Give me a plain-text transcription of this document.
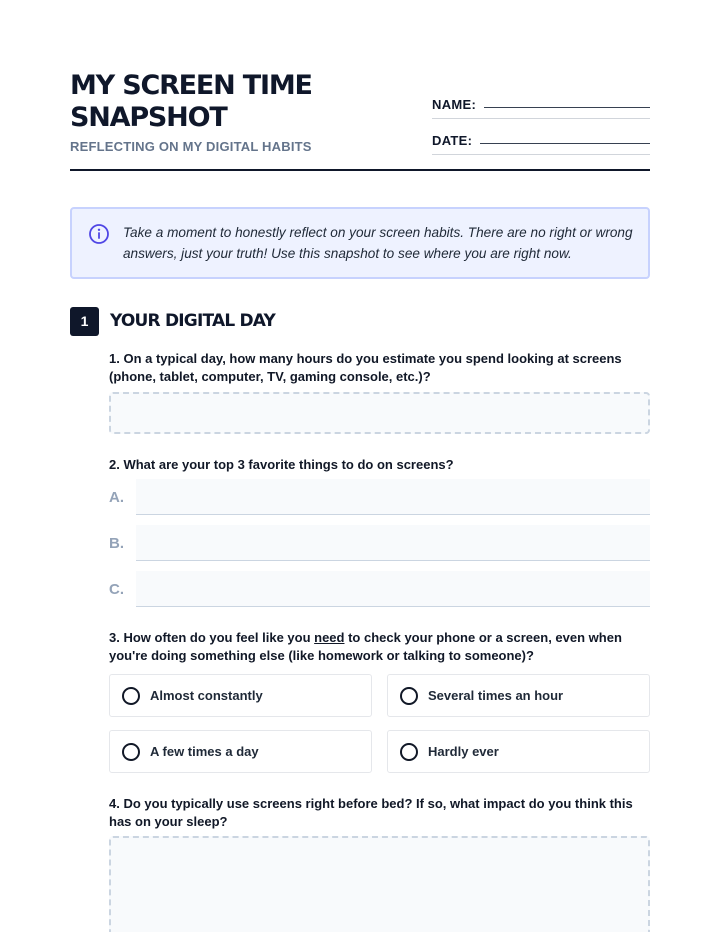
MY SCREEN TIME SNAPSHOT
REFLECTING ON MY DIGITAL HABITS
NAME:
DATE:
Take a moment to honestly reflect on your screen habits. There are no right or wrong answers, just your truth! Use this snapshot to see where you are right now.
1	YOUR DIGITAL DAY
1. On a typical day, how many hours do you estimate you spend looking at screens (phone, tablet, computer, TV, gaming console, etc.)?
2. What are your top 3 favorite things to do on screens?
A.
B.
C.
3. How often do you feel like you need to check your phone or a screen, even when you're doing something else (like homework or talking to someone)?
Almost constantly	Several times an hour
A few times a day	Hardly ever
4. Do you typically use screens right before bed? If so, what impact do you think this has on your sleep?
